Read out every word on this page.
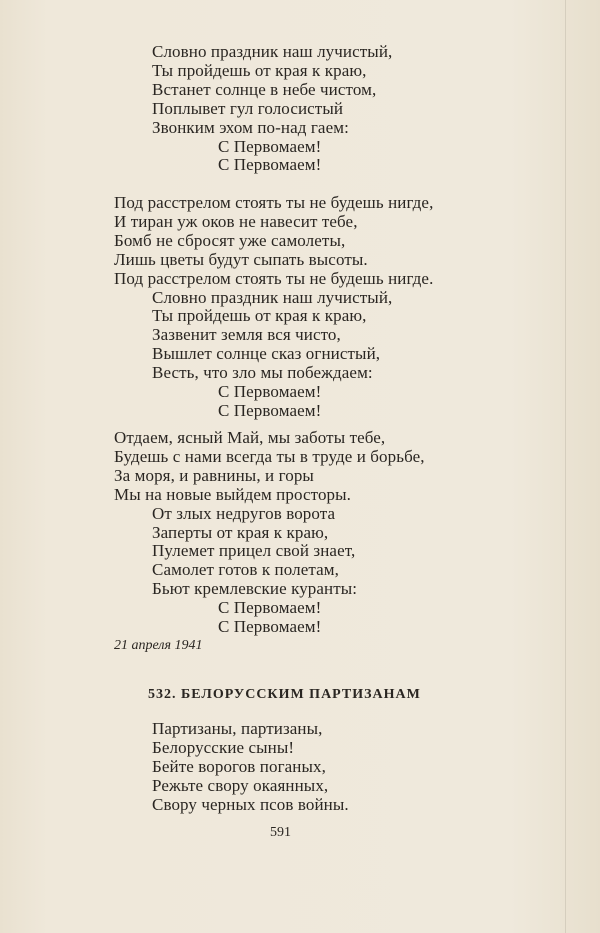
Словно праздник наш лучистый,
Ты пройдешь от края к краю,
Встанет солнце в небе чистом,
Поплывет гул голосистый
Звонким эхом по-над гаем:
С Первомаем!
С Первомаем!
Под расстрелом стоять ты не будешь нигде,
И тиран уж оков не навесит тебе,
Бомб не сбросят уже самолеты,
Лишь цветы будут сыпать высоты.
Под расстрелом стоять ты не будешь нигде.
Словно праздник наш лучистый,
Ты пройдешь от края к краю,
Зазвенит земля вся чисто,
Вышлет солнце сказ огнистый,
Весть, что зло мы побеждаем:
С Первомаем!
С Первомаем!
Отдаем, ясный Май, мы заботы тебе,
Будешь с нами всегда ты в труде и борьбе,
За моря, и равнины, и горы
Мы на новые выйдем просторы.
От злых недругов ворота
Заперты от края к краю,
Пулемет прицел свой знает,
Самолет готов к полетам,
Бьют кремлевские куранты:
С Первомаем!
С Первомаем!
21 апреля 1941
532. БЕЛОРУССКИМ ПАРТИЗАНАМ
Партизаны, партизаны,
Белорусские сыны!
Бейте ворогов поганых,
Режьте свору окаянных,
Свору черных псов войны.
591
